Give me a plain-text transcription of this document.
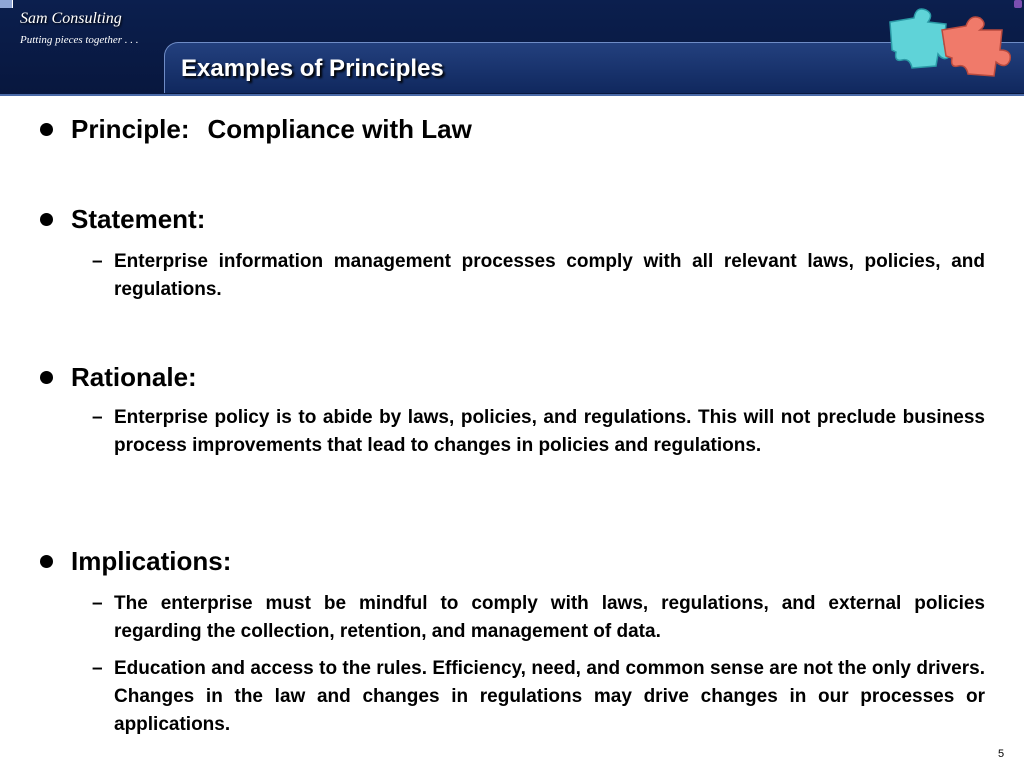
Sam Consulting
Putting pieces together . . .
Examples of Principles
Principle: Compliance with Law
Statement:
– Enterprise information management processes comply with all relevant laws, policies, and regulations.
Rationale:
– Enterprise policy is to abide by laws, policies, and regulations. This will not preclude business process improvements that lead to changes in policies and regulations.
Implications:
– The enterprise must be mindful to comply with laws, regulations, and external policies regarding the collection, retention, and management of data.
– Education and access to the rules. Efficiency, need, and common sense are not the only drivers. Changes in the law and changes in regulations may drive changes in our processes or applications.
5
